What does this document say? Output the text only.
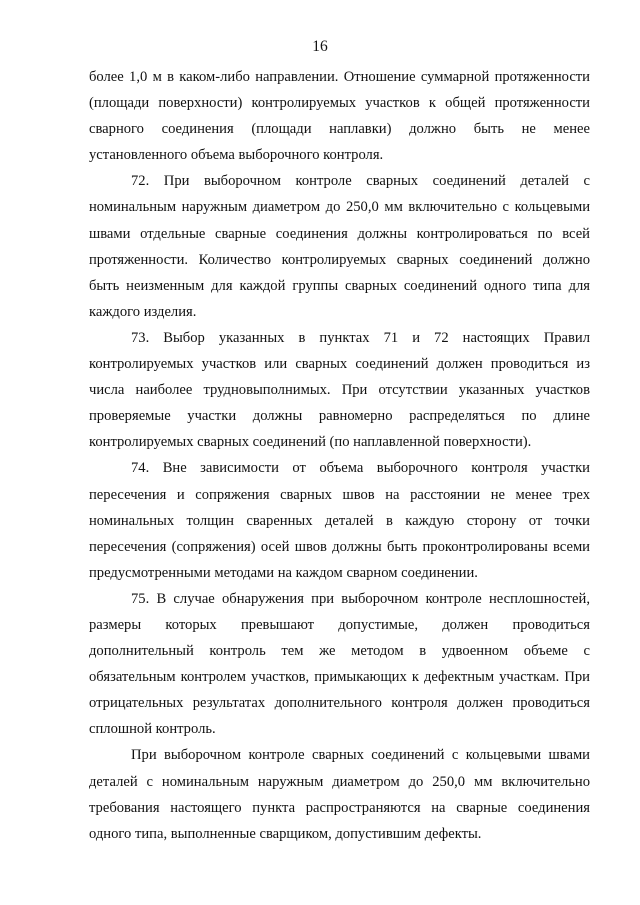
16
более 1,0 м в каком-либо направлении. Отношение суммарной протяженности
(площади поверхности) контролируемых участков к общей протяженности
сварного соединения (площади наплавки) должно быть не менее
установленного объема выборочного контроля.
72. При выборочном контроле сварных соединений деталей с
номинальным наружным диаметром до 250,0 мм включительно с кольцевыми
швами отдельные сварные соединения должны контролироваться по всей
протяженности. Количество контролируемых сварных соединений должно
быть неизменным для каждой группы сварных соединений одного типа для
каждого изделия.
73. Выбор указанных в пунктах 71 и 72 настоящих Правил
контролируемых участков или сварных соединений должен проводиться из
числа наиболее трудновыполнимых. При отсутствии указанных участков
проверяемые участки должны равномерно распределяться по длине
контролируемых сварных соединений (по наплавленной поверхности).
74. Вне зависимости от объема выборочного контроля участки
пересечения и сопряжения сварных швов на расстоянии не менее трех
номинальных толщин сваренных деталей в каждую сторону от точки
пересечения (сопряжения) осей швов должны быть проконтролированы всеми
предусмотренными методами на каждом сварном соединении.
75. В случае обнаружения при выборочном контроле несплошностей,
размеры которых превышают допустимые, должен проводиться
дополнительный контроль тем же методом в удвоенном объеме с
обязательным контролем участков, примыкающих к дефектным участкам. При
отрицательных результатах дополнительного контроля должен проводиться
сплошной контроль.
При выборочном контроле сварных соединений с кольцевыми швами
деталей с номинальным наружным диаметром до 250,0 мм включительно
требования настоящего пункта распространяются на сварные соединения
одного типа, выполненные сварщиком, допустившим дефекты.
